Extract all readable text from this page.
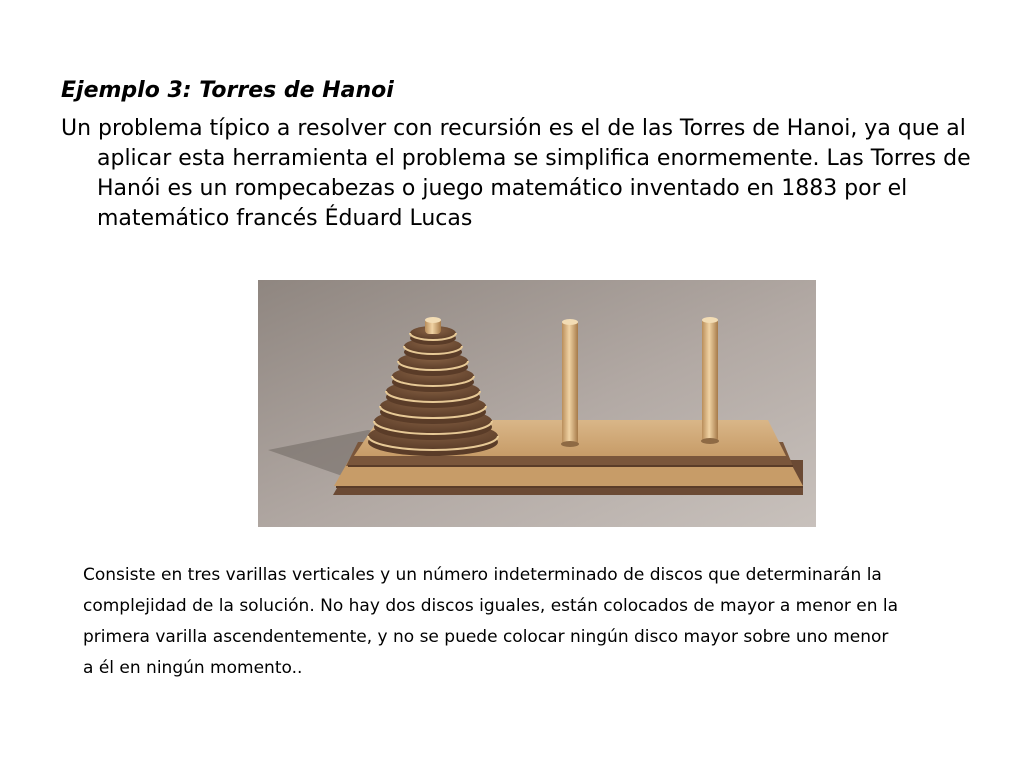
Ejemplo 3: Torres de Hanoi

Un problema típico a resolver con recursión es el de las Torres de Hanoi, ya que al aplicar esta herramienta el problema se simplifica enormemente. Las Torres de Hanói es un rompecabezas o juego matemático inventado en 1883 por el matemático francés Éduard Lucas

Consiste en tres varillas verticales y un número indeterminado de discos que determinarán la complejidad de la solución. No hay dos discos iguales, están colocados de mayor a menor en la primera varilla ascendentemente, y no se puede colocar ningún disco mayor sobre uno menor a él en ningún momento..
